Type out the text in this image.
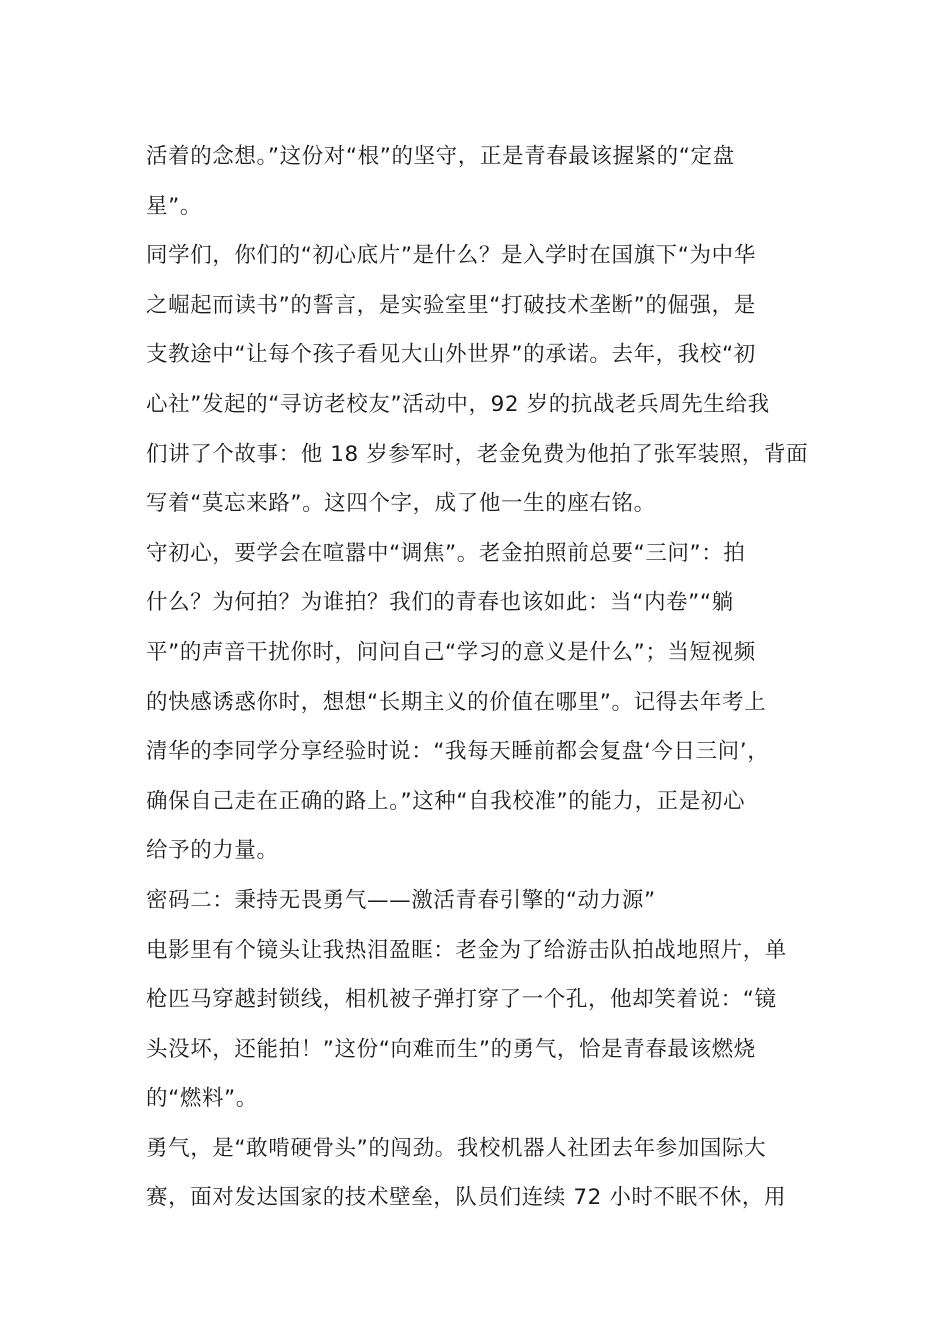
活着的念想。”这份对“根”的坚守，正是青春最该握紧的“定盘
星”。
同学们，你们的“初心底片”是什么？是入学时在国旗下“为中华
之崛起而读书”的誓言，是实验室里“打破技术垄断”的倔强，是
支教途中“让每个孩子看见大山外世界”的承诺。去年，我校“初
心社”发起的“寻访老校友”活动中，92 岁的抗战老兵周先生给我
们讲了个故事：他 18 岁参军时，老金免费为他拍了张军装照，背面
写着“莫忘来路”。这四个字，成了他一生的座右铭。
守初心，要学会在喧嚣中“调焦”。老金拍照前总要“三问”：拍
什么？为何拍？为谁拍？我们的青春也该如此：当“内卷”“躺
平”的声音干扰你时，问问自己“学习的意义是什么”；当短视频
的快感诱惑你时，想想“长期主义的价值在哪里”。记得去年考上
清华的李同学分享经验时说：“我每天睡前都会复盘‘今日三问’，
确保自己走在正确的路上。”这种“自我校准”的能力，正是初心
给予的力量。
密码二：秉持无畏勇气——激活青春引擎的“动力源”
电影里有个镜头让我热泪盈眶：老金为了给游击队拍战地照片，单
枪匹马穿越封锁线，相机被子弹打穿了一个孔，他却笑着说：“镜
头没坏，还能拍！”这份“向难而生”的勇气，恰是青春最该燃烧
的“燃料”。
勇气，是“敢啃硬骨头”的闯劲。我校机器人社团去年参加国际大
赛，面对发达国家的技术壁垒，队员们连续 72 小时不眠不休，用
